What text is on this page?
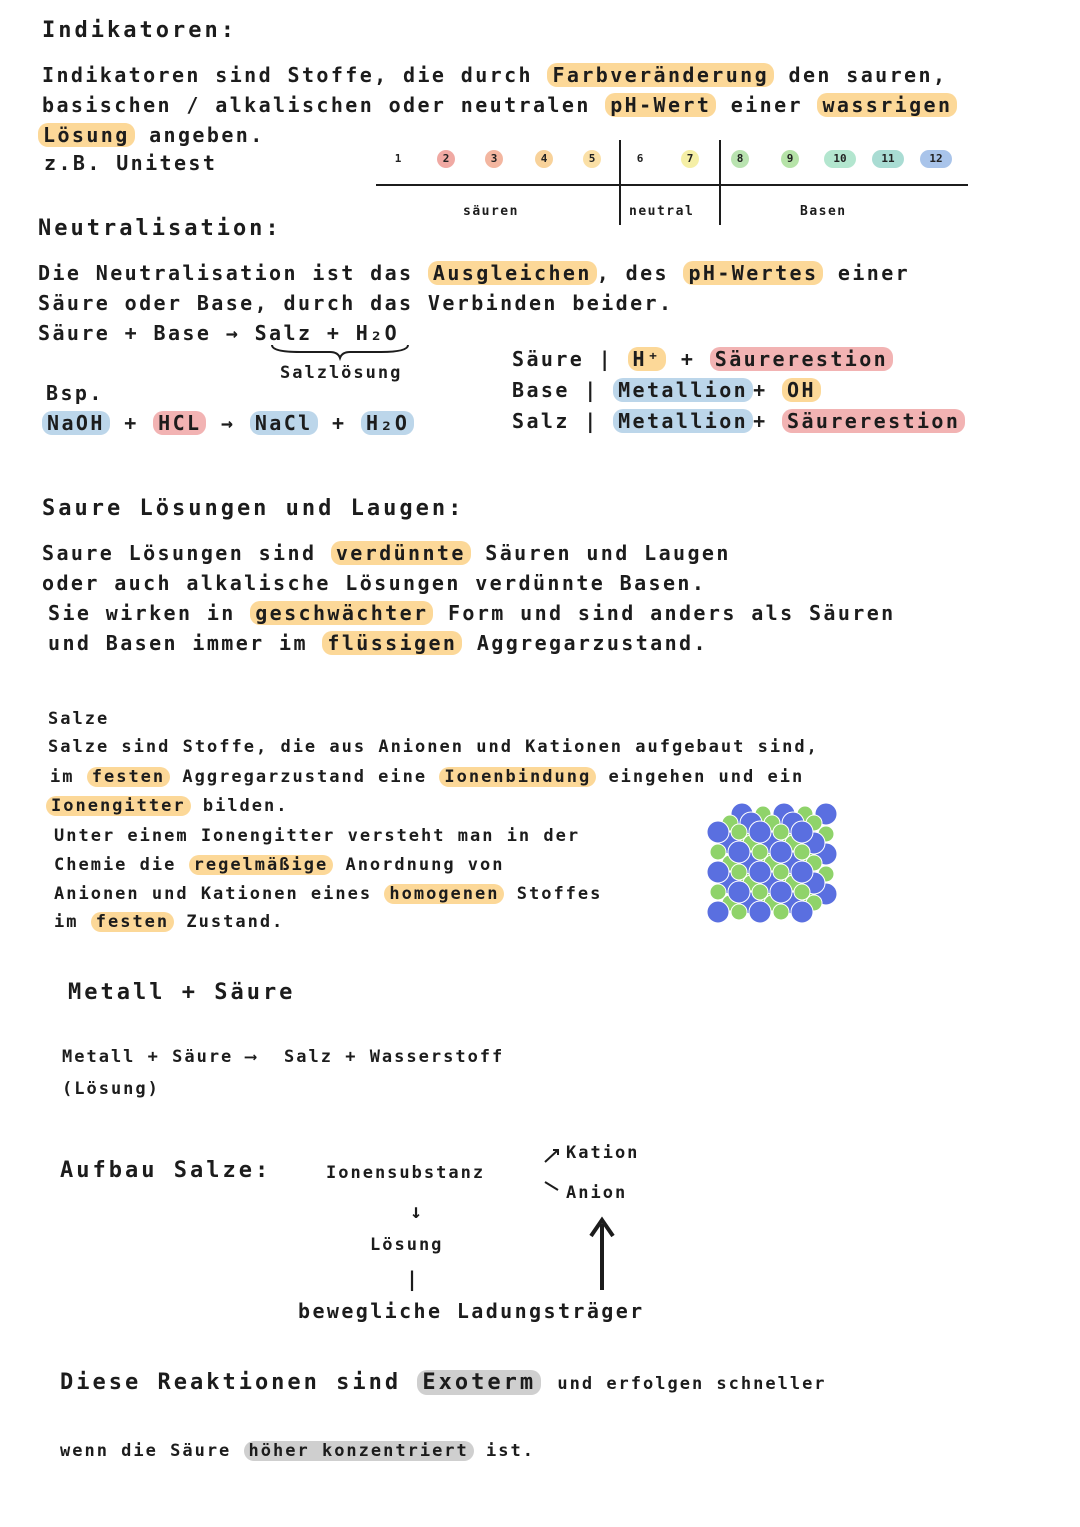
Indikatoren:
Indikatoren sind Stoffe, die durch Farbveränderung den sauren,
basischen / alkalischen oder neutralen pH-Wert einer wassrigen
Lösung angeben.
z.B. Unitest	1	2	3	4	5	6	7	8	9	10	11	12
säuren	neutral	Basen
Neutralisation:
Die Neutralisation ist das Ausgleichen , des pH-Wertes einer
Säure oder Base, durch das Verbinden beider.
Säure + Base → Salz + H₂O
Salzlösung
Bsp.
NaOH + HCL → NaCl + H₂O
Säure | H⁺ + Säurerestion
Base | Metallion + OH
Salz | Metallion + Säurerestion
Saure Lösungen und Laugen:
Saure Lösungen sind verdünnte Säuren und Laugen
oder auch alkalische Lösungen verdünnte Basen.
Sie wirken in geschwächter Form und sind anders als Säuren
und Basen immer im flüssigen Aggregarzustand.
Salze
Salze sind Stoffe, die aus Anionen und Kationen aufgebaut sind,
im festen Aggregarzustand eine Ionenbindung eingehen und ein
Ionengitter bilden.
Unter einem Ionengitter versteht man in der
Chemie die regelmäßige Anordnung von
Anionen und Kationen eines homogenen Stoffes
im festen Zustand.
Metall + Säure
Metall + Säure ⟶ Salz + Wasserstoff
(Lösung)
Aufbau Salze:	Ionensubstanz
Kation
Anion
↓
Lösung
|
bewegliche Ladungsträger
Diese Reaktionen sind Exoterm und erfolgen schneller
wenn die Säure höher konzentriert ist.
